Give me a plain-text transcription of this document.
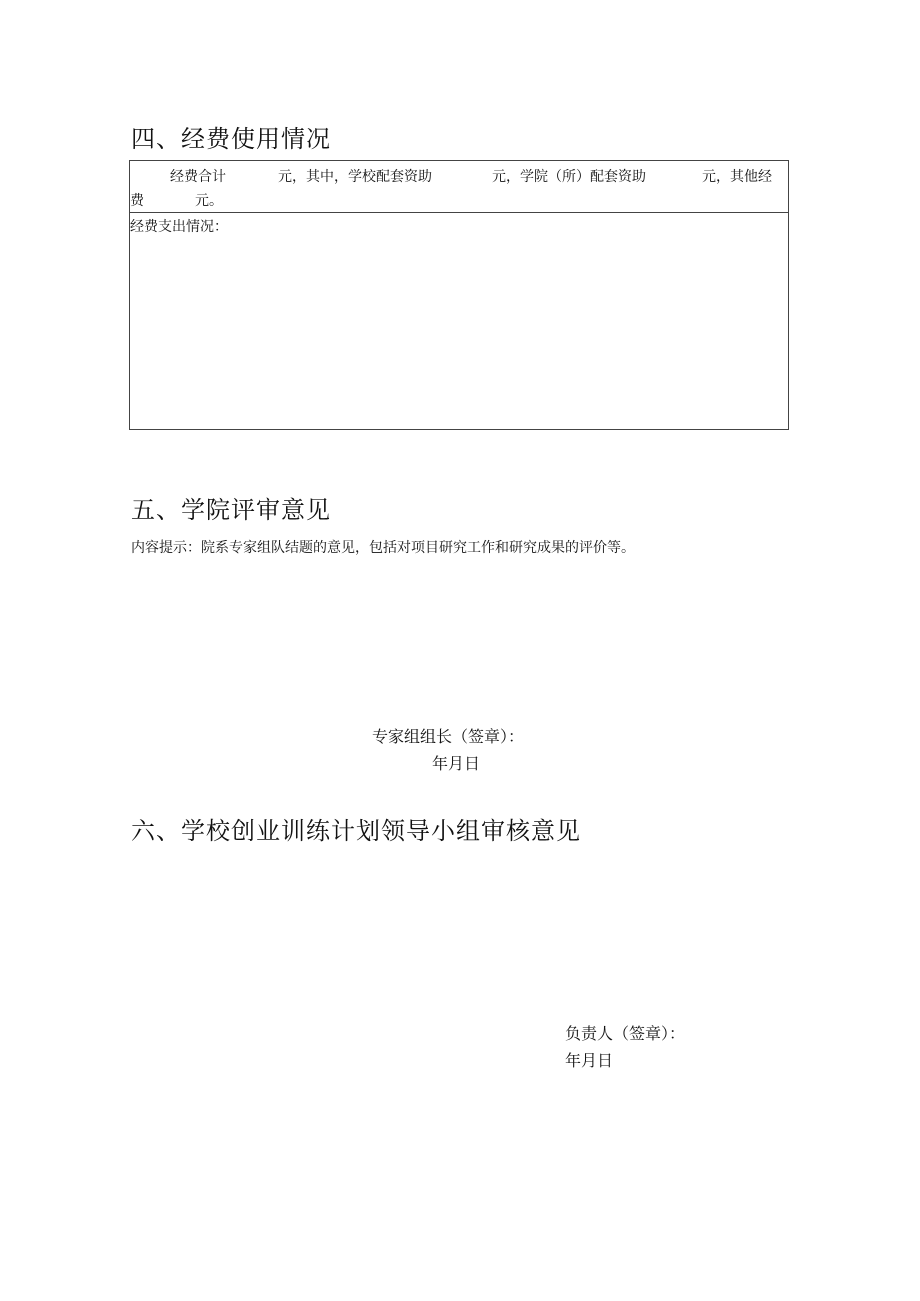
四、经费使用情况
经费合计	元，其中，学校配套资助	元，学院（所）配套资助	元，其他经
费	元。
经费支出情况：
五、学院评审意见
内容提示：院系专家组队结题的意见，包括对项目研究工作和研究成果的评价等。
专家组组长（签章）：
年月日
六、学校创业训练计划领导小组审核意见
负责人（签章）：
年月日
